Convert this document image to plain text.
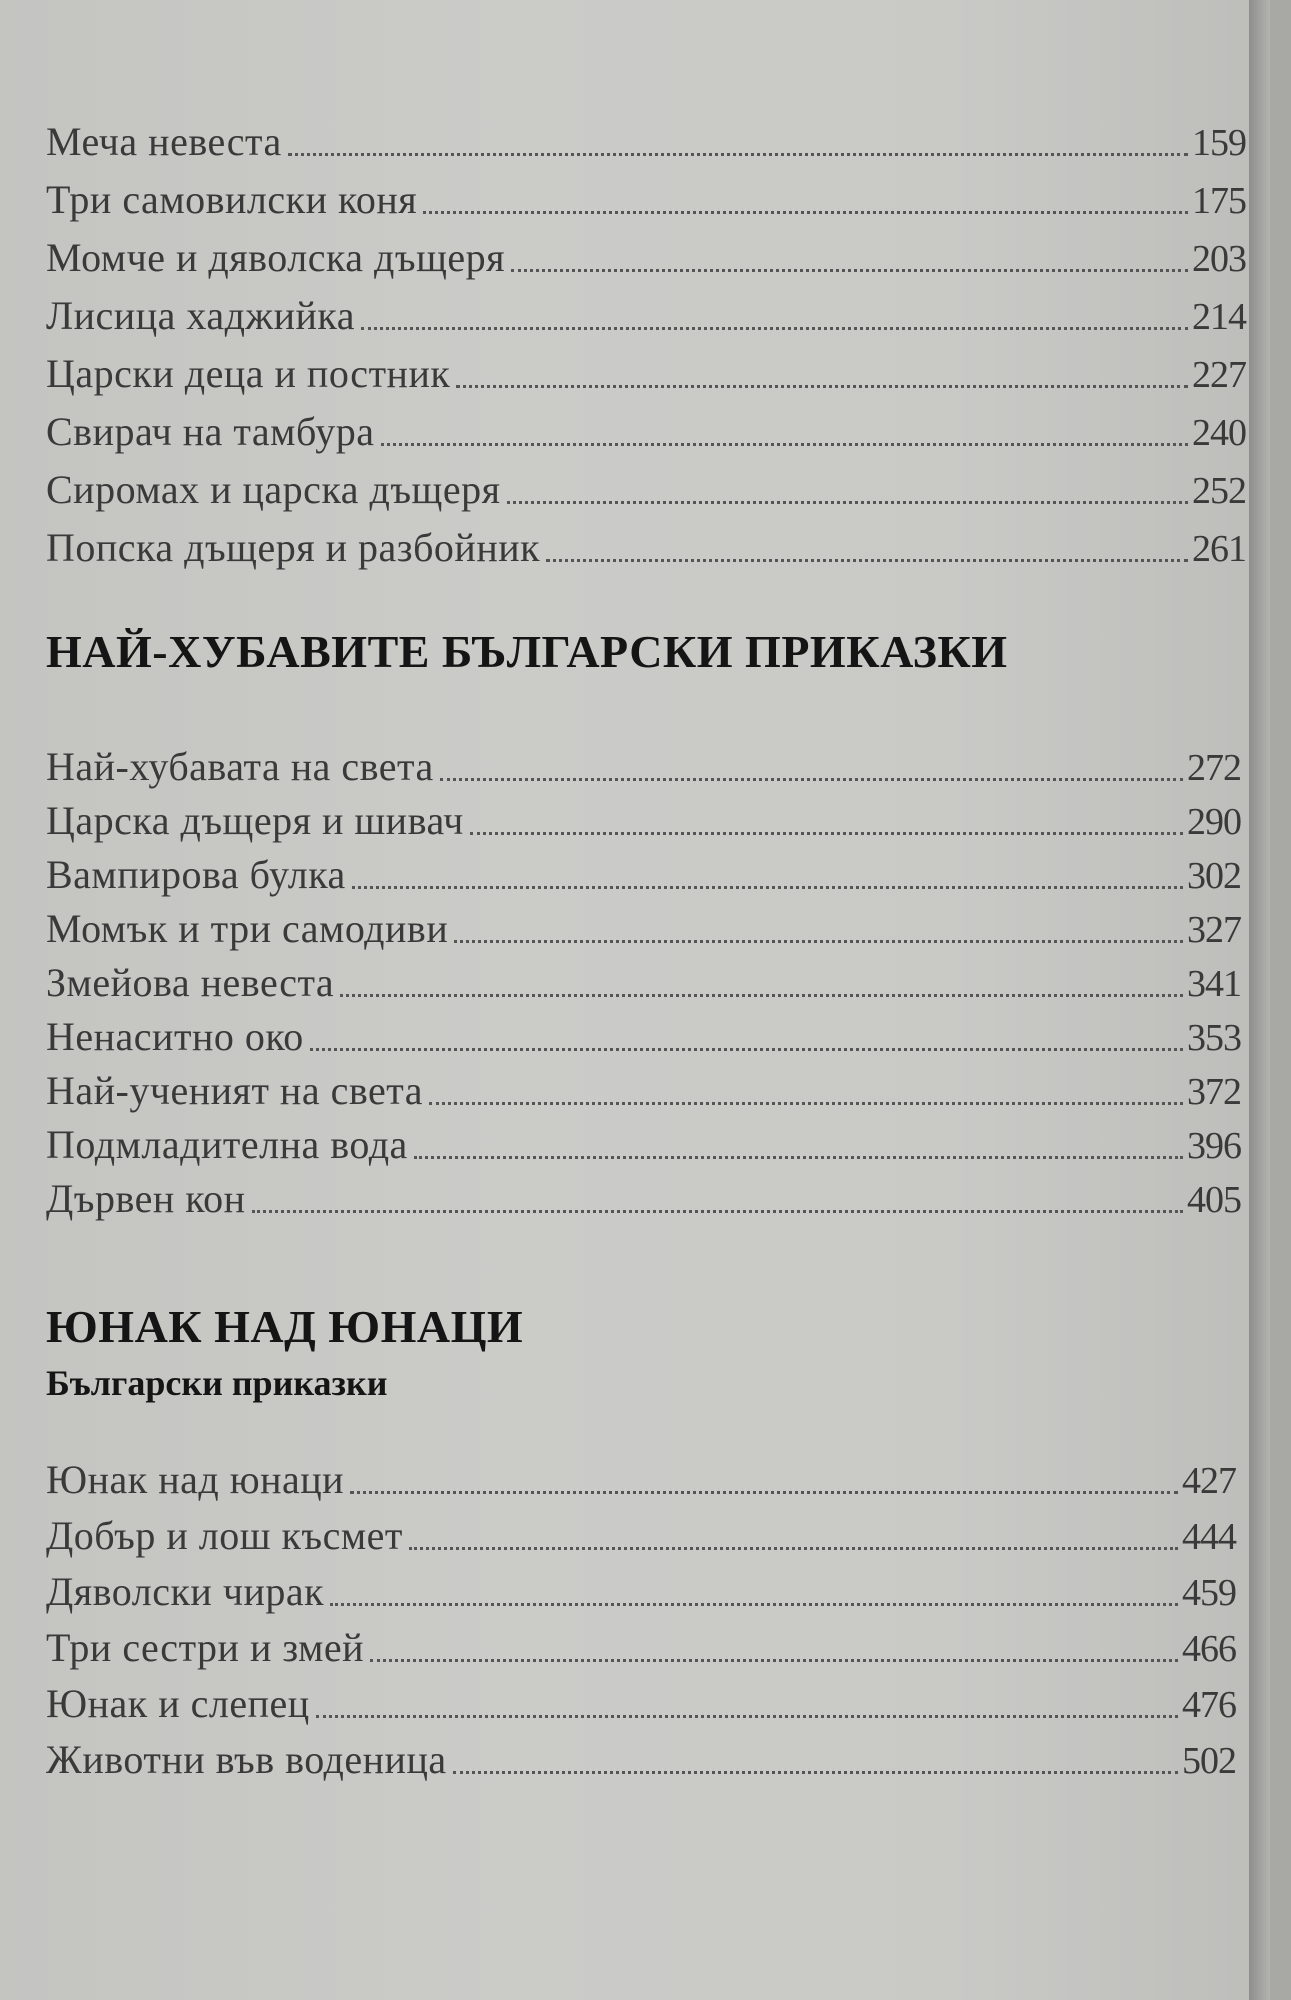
Меча невеста	159
Три самовилски коня	175
Момче и дяволска дъщеря	203
Лисица хаджийка	214
Царски деца и постник	227
Свирач на тамбура	240
Сиромах и царска дъщеря	252
Попска дъщеря и разбойник	261
НАЙ-ХУБАВИТЕ БЪЛГАРСКИ ПРИКАЗКИ
Най-хубавата на света	272
Царска дъщеря и шивач	290
Вампирова булка	302
Момък и три самодиви	327
Змейова невеста	341
Ненаситно око	353
Най-ученият на света	372
Подмладителна вода	396
Дървен кон	405
ЮНАК НАД ЮНАЦИ
Български приказки
Юнак над юнаци	427
Добър и лош късмет	444
Дяволски чирак	459
Три сестри и змей	466
Юнак и слепец	476
Животни във воденица	502
